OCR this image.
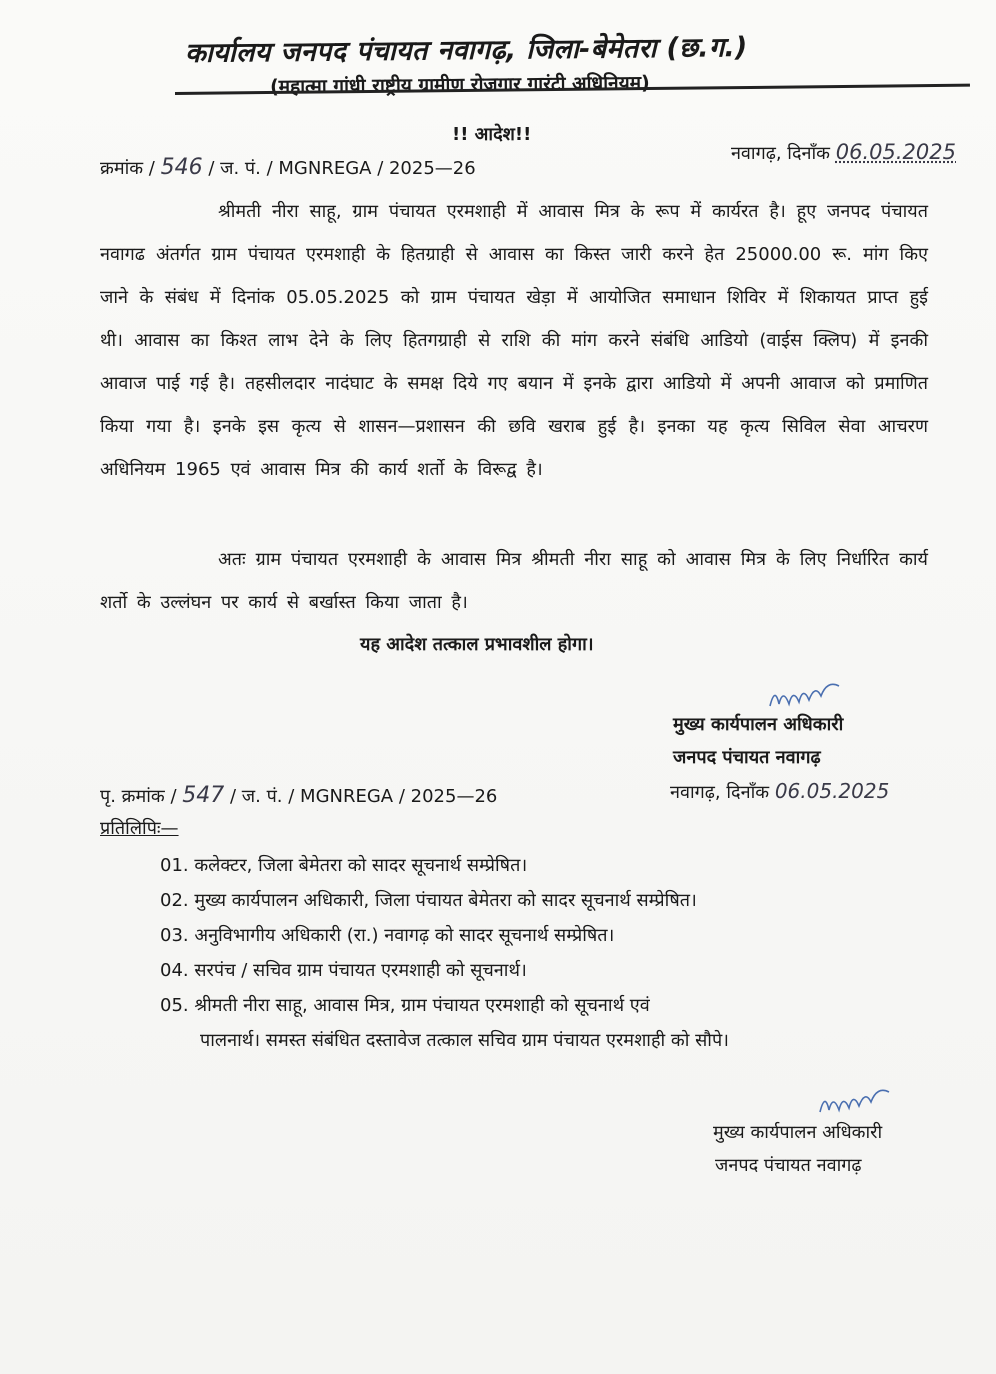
कार्यालय जनपद पंचायत नवागढ़, जिला-बेमेतरा (छ.ग.)
(महात्मा गांधी राष्ट्रीय ग्रामीण रोजगार गारंटी अधिनियम)
!! आदेश!!
क्रमांक / 546 / ज. पं. / MGNREGA / 2025—26
नवागढ़, दिनाँक 06.05.2025
श्रीमती नीरा साहू, ग्राम पंचायत एरमशाही में आवास मित्र के रूप में कार्यरत है। हूए जनपद पंचायत नवागढ अंतर्गत ग्राम पंचायत एरमशाही के हितग्राही से आवास का किस्त जारी करने हेत 25000.00 रू. मांग किए जाने के संबंध में दिनांक 05.05.2025 को ग्राम पंचायत खेड़ा में आयोजित समाधान शिविर में शिकायत प्राप्त हुई थी। आवास का किश्त लाभ देने के लिए हितगग्राही से राशि की मांग करने संबंधि आडियो (वाईस क्लिप) में इनकी आवाज पाई गई है। तहसीलदार नादंघाट के समक्ष दिये गए बयान में इनके द्वारा आडियो में अपनी आवाज को प्रमाणित किया गया है। इनके इस कृत्य से शासन—प्रशासन की छवि खराब हुई है। इनका यह कृत्य सिविल सेवा आचरण अधिनियम 1965 एवं आवास मित्र की कार्य शर्तो के विरूद्व है।
अतः ग्राम पंचायत एरमशाही के आवास मित्र श्रीमती नीरा साहू को आवास मित्र के लिए निर्धारित कार्य शर्तो के उल्लंघन पर कार्य से बर्खास्त किया जाता है।
यह आदेश तत्काल प्रभावशील होगा।
मुख्य कार्यपालन अधिकारी
जनपद पंचायत नवागढ़
नवागढ़, दिनाँक 06.05.2025
पृ. क्रमांक / 547 / ज. पं. / MGNREGA / 2025—26
प्रतिलिपिः—
01. कलेक्टर, जिला बेमेतरा को सादर सूचनार्थ सम्प्रेषित।
02. मुख्य कार्यपालन अधिकारी, जिला पंचायत बेमेतरा को सादर सूचनार्थ सम्प्रेषित।
03. अनुविभागीय अधिकारी (रा.) नवागढ़ को सादर सूचनार्थ सम्प्रेषित।
04. सरपंच / सचिव ग्राम पंचायत एरमशाही को सूचनार्थ।
05. श्रीमती नीरा साहू, आवास मित्र, ग्राम पंचायत एरमशाही को सूचनार्थ एवं
पालनार्थ। समस्त संबंधित दस्तावेज तत्काल सचिव ग्राम पंचायत एरमशाही को सौपे।
मुख्य कार्यपालन अधिकारी
जनपद पंचायत नवागढ़
